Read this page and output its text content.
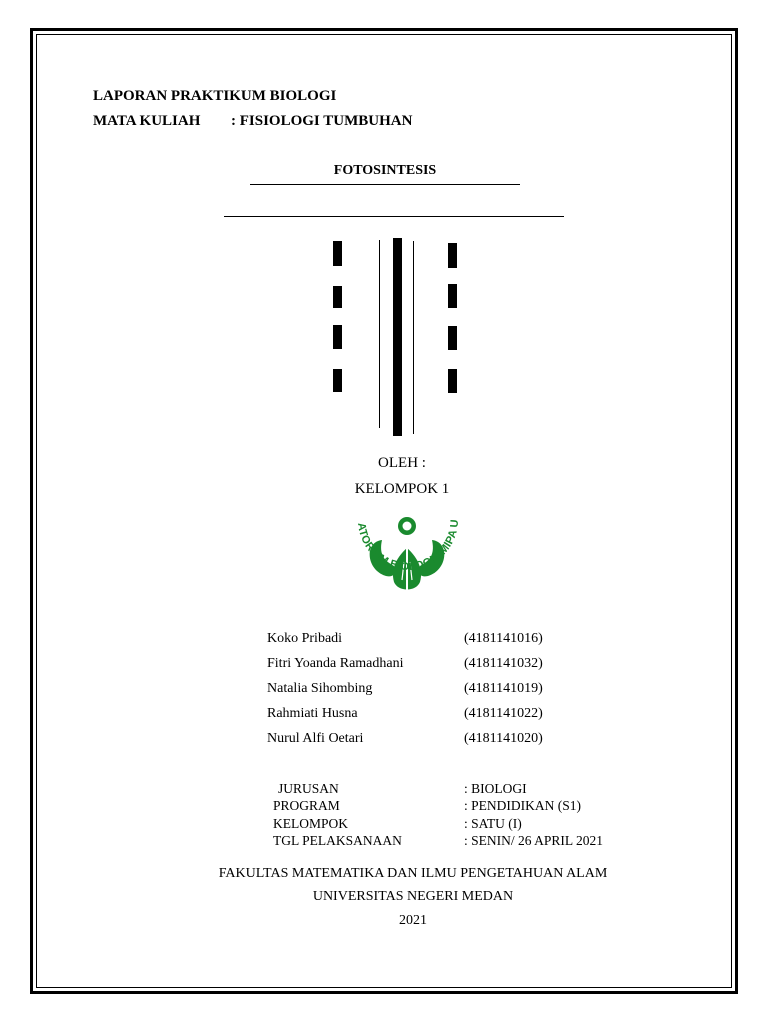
LAPORAN PRAKTIKUM BIOLOGI
MATA KULIAH : FISIOLOGI TUMBUHAN
FOTOSINTESIS
OLEH :
KELOMPOK 1
ATORIUM BIOLOGI FMIPA U
Koko Pribadi	(4181141016)
Fitri Yoanda Ramadhani	(4181141032)
Natalia Sihombing	(4181141019)
Rahmiati Husna	(4181141022)
Nurul Alfi Oetari	(4181141020)
JURUSAN	: BIOLOGI
PROGRAM	: PENDIDIKAN (S1)
KELOMPOK	: SATU (I)
TGL PELAKSANAAN	: SENIN/ 26 APRIL 2021
FAKULTAS MATEMATIKA DAN ILMU PENGETAHUAN ALAM
UNIVERSITAS NEGERI MEDAN
2021
